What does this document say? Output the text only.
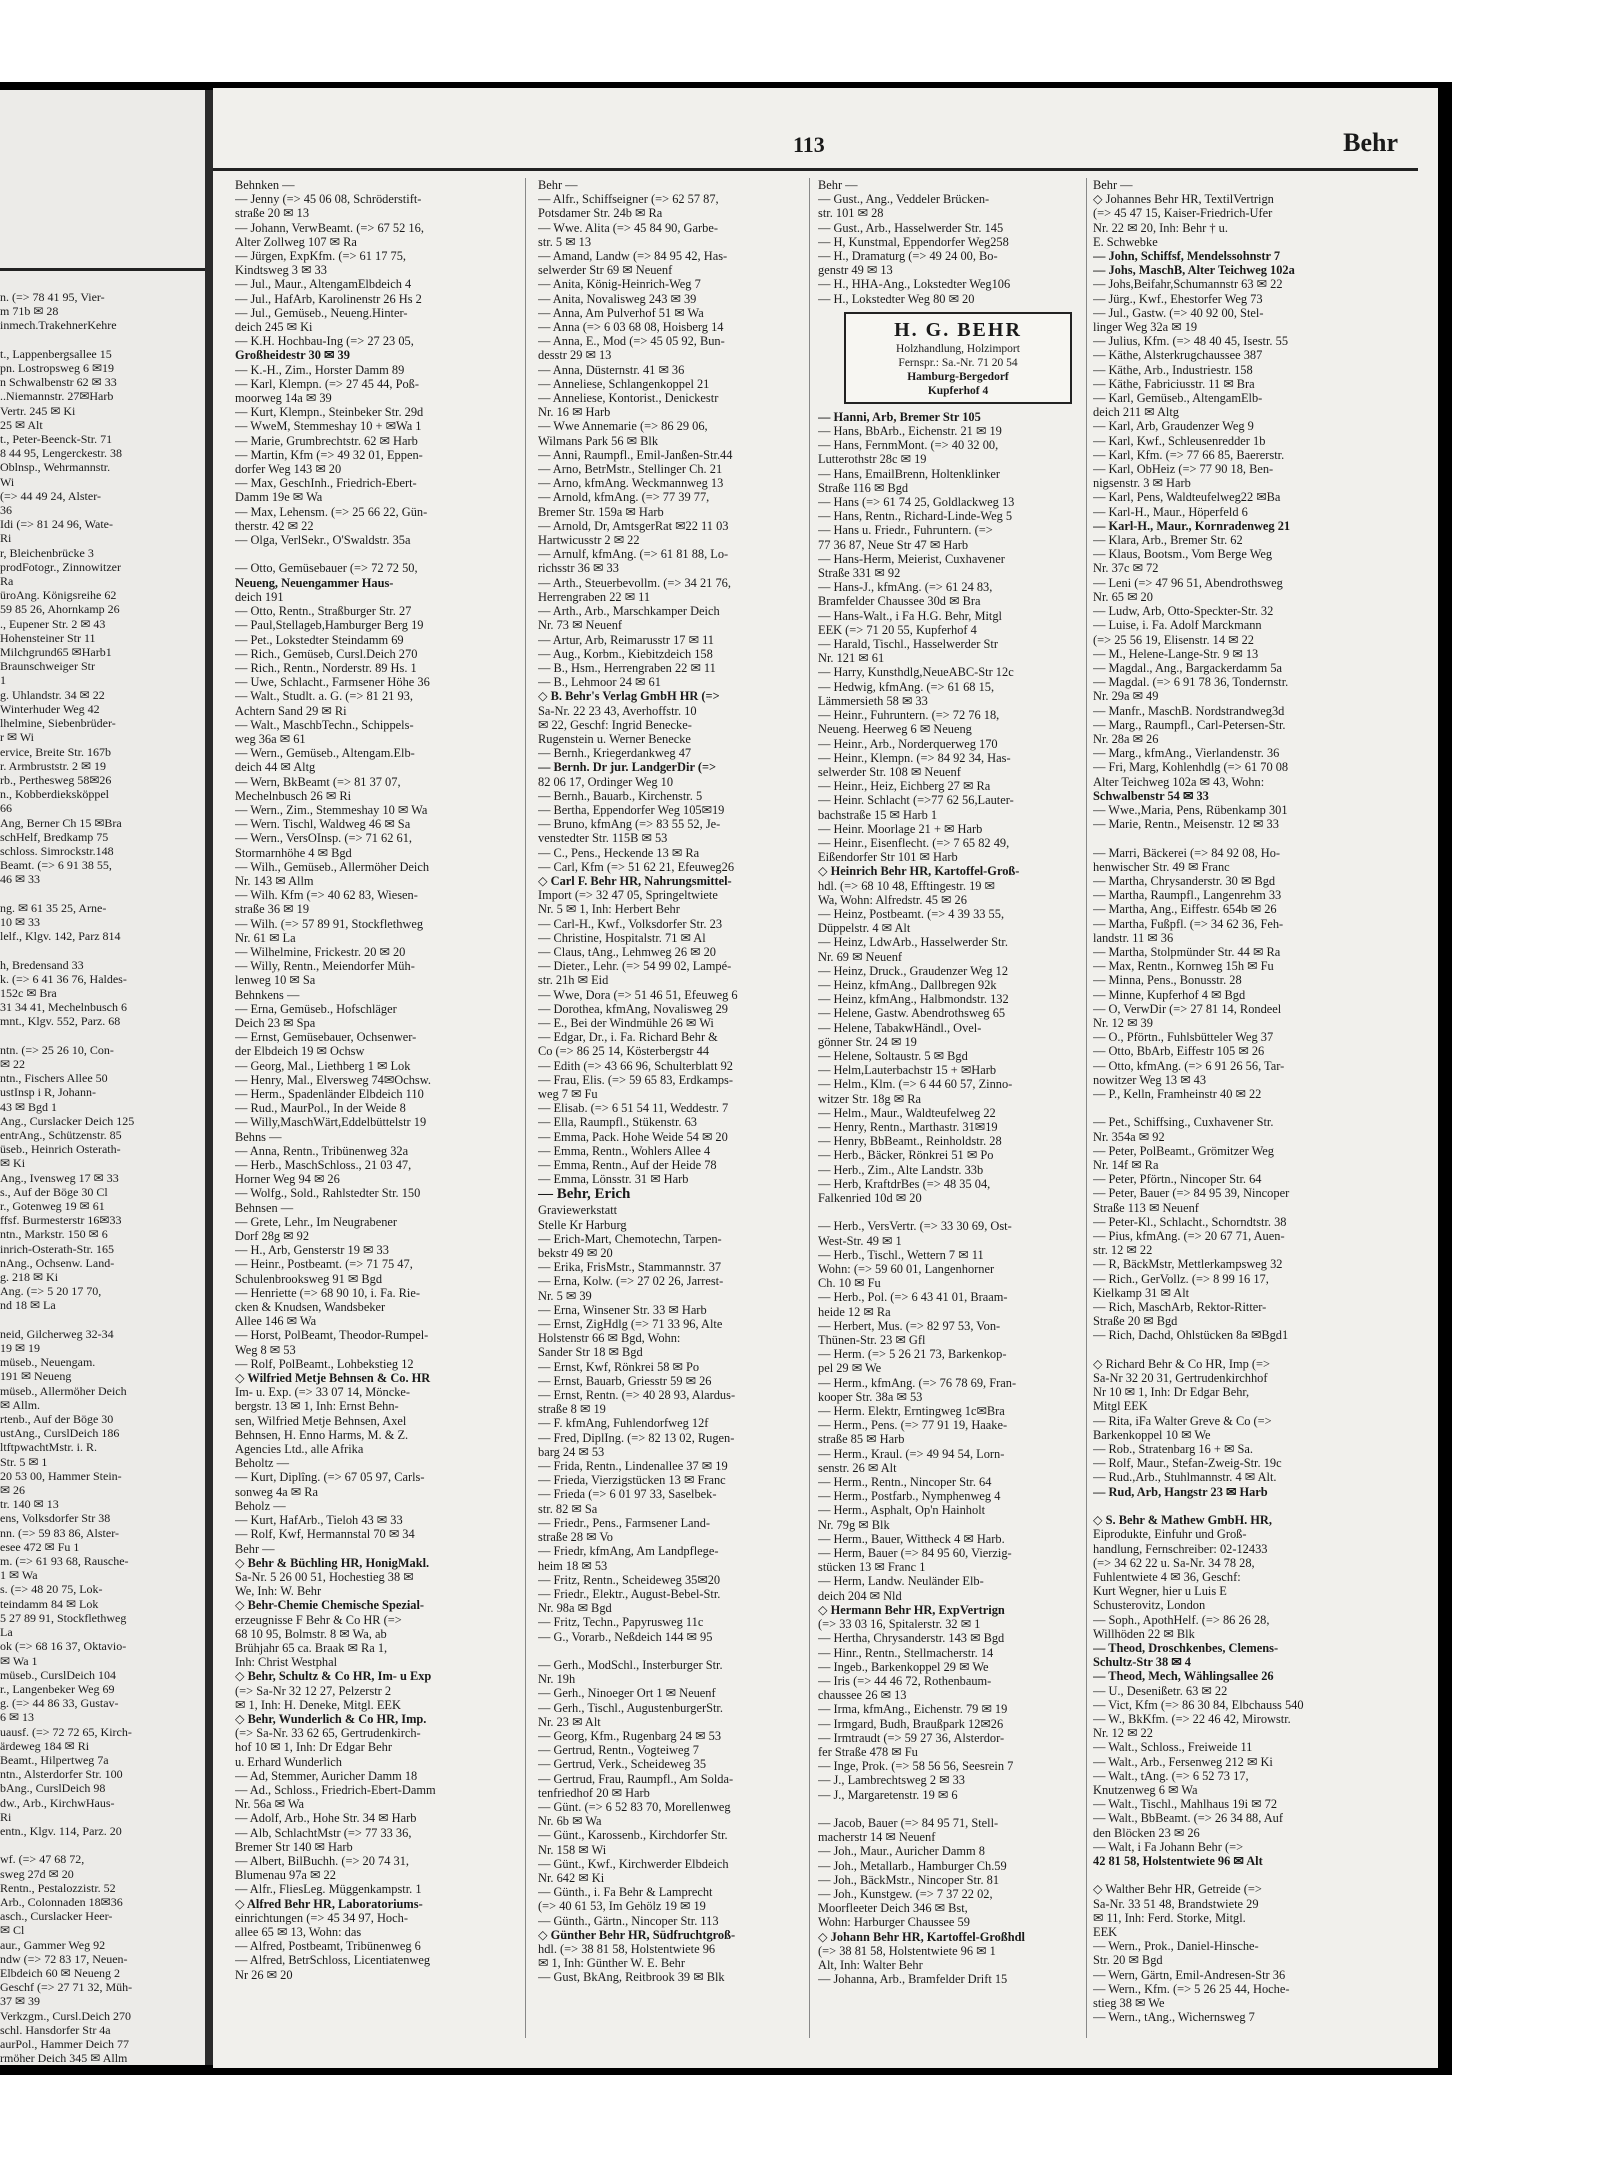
n. (=> 78 41 95, Vier-
m 71b ✉ 28
inmech.TrakehnerKehre

t., Lappenbergsallee 15
pn. Lostropsweg 6 ✉19
n Schwalbenstr 62 ✉ 33
..Niemannstr. 27✉Harb
Vertr. 245 ✉ Ki
25 ✉ Alt
t., Peter-Beenck-Str. 71
8 44 95, Lengerckestr. 38
Oblnsp., Wehrmannstr.
Wi
(=> 44 49 24, Alster-
36
Idi (=> 81 24 96, Wate-
Ri
r, Bleichenbrücke 3
prodFotogr., Zinnowitzer
Ra
üroAng. Königsreihe 62
59 85 26, Ahornkamp 26
., Eupener Str. 2 ✉ 43
Hohensteiner Str 11
Milchgrund65 ✉Harb1
Braunschweiger Str
1
g. Uhlandstr. 34 ✉ 22
Winterhuder Weg 42
lhelmine, Siebenbrüder-
r ✉ Wi
ervice, Breite Str. 167b
r. Armbruststr. 2 ✉ 19
rb., Perthesweg 58✉26
n., Kobberdieksköppel
66
Ang, Berner Ch 15 ✉Bra
schHelf, Bredkamp 75
schloss. Simrockstr.148
Beamt. (=> 6 91 38 55,
46 ✉ 33

ng. ✉ 61 35 25, Arne-
10 ✉ 33
lelf., Klgv. 142, Parz 814

h, Bredensand 33
k. (=> 6 41 36 76, Haldes-
152c ✉ Bra
31 34 41, Mechelnbusch 6
mnt., Klgv. 552, Parz. 68

ntn. (=> 25 26 10, Con-
✉ 22
ntn., Fischers Allee 50
ustInsp i R, Johann-
43 ✉ Bgd 1
Ang., Curslacker Deich 125
entrAng., Schützenstr. 85
üseb., Heinrich Osterath-
✉ Ki
Ang., Ivensweg 17 ✉ 33
s., Auf der Böge 30 Cl
r., Gotenweg 19 ✉ 61
ffsf. Burmesterstr 16✉33
ntn., Markstr. 150 ✉ 6
inrich-Osterath-Str. 165
nAng., Ochsenw. Land-
g. 218 ✉ Ki
Ang. (=> 5 20 17 70,
nd 18 ✉ La

neid, Gilcherweg 32-34
19 ✉ 19
müseb., Neuengam.
191 ✉ Neueng
müseb., Allermöher Deich
✉ Allm.
rtenb., Auf der Böge 30
ustAng., CurslDeich 186
ltftpwachtMstr. i. R.
Str. 5 ✉ 1
20 53 00, Hammer Stein-
✉ 26
tr. 140 ✉ 13
ens, Volksdorfer Str 38
nn. (=> 59 83 86, Alster-
esee 472 ✉ Fu 1
m. (=> 61 93 68, Rausche-
1 ✉ Wa
s. (=> 48 20 75, Lok-
teindamm 84 ✉ Lok
5 27 89 91, Stockflethweg
La
ok (=> 68 16 37, Oktavio-
✉ Wa 1
müseb., CurslDeich 104
r., Langenbeker Weg 69
g. (=> 44 86 33, Gustav-
6 ✉ 13
uausf. (=> 72 72 65, Kirch-
ärdeweg 184 ✉ Ri
Beamt., Hilpertweg 7a
ntn., Alsterdorfer Str. 100
bAng., CurslDeich 98
dw., Arb., KirchwHaus-
Ri
entn., Klgv. 114, Parz. 20

wf. (=> 47 68 72,
sweg 27d ✉ 20
Rentn., Pestalozzistr. 52
Arb., Colonnaden 18✉36
asch., Curslacker Heer-
✉ Cl
aur., Gammer Weg 92
ndw (=> 72 83 17, Neuen-
Elbdeich 60 ✉ Neueng 2
Geschf (=> 27 71 32, Müh-
37 ✉ 39
Verkzgm., Cursl.Deich 270
schl. Hansdorfer Str 4a
aurPol., Hammer Deich 77
rmöher Deich 345 ✉ Allm
113	Behr
Behnken —
— Jenny (=> 45 06 08, Schröderstift-
straße 20 ✉ 13
— Johann, VerwBeamt. (=> 67 52 16,
Alter Zollweg 107 ✉ Ra
— Jürgen, ExpKfm. (=> 61 17 75,
Kindtsweg 3 ✉ 33
— Jul., Maur., AltengamElbdeich 4
— Jul., HafArb, Karolinenstr 26 Hs 2
— Jul., Gemüseb., Neueng.Hinter-
deich 245 ✉ Ki
— K.H. Hochbau-Ing (=> 27 23 05,
Großheidestr 30 ✉ 39
— K.-H., Zim., Horster Damm 89
— Karl, Klempn. (=> 27 45 44, Poß-
moorweg 14a ✉ 39
— Kurt, Klempn., Steinbeker Str. 29d
— WweM, Stemmeshay 10 + ✉Wa 1
— Marie, Grumbrechtstr. 62 ✉ Harb
— Martin, Kfm (=> 49 32 01, Eppen-
dorfer Weg 143 ✉ 20
— Max, GeschInh., Friedrich-Ebert-
Damm 19e ✉ Wa
— Max, Lehensm. (=> 25 66 22, Gün-
therstr. 42 ✉ 22
— Olga, VerlSekr., O'Swaldstr. 35a

— Otto, Gemüsebauer (=> 72 72 50,
Neueng, Neuengammer Haus-
deich 191
— Otto, Rentn., Straßburger Str. 27
— Paul,Stellageb,Hamburger Berg 19
— Pet., Lokstedter Steindamm 69
— Rich., Gemüseb, Cursl.Deich 270
— Rich., Rentn., Norderstr. 89 Hs. 1
— Uwe, Schlacht., Farmsener Höhe 36
— Walt., Studlt. a. G. (=> 81 21 93,
Achtern Sand 29 ✉ Ri
— Walt., MaschbTechn., Schippels-
weg 36a ✉ 61
— Wern., Gemüseb., Altengam.Elb-
deich 44 ✉ Altg
— Wern, BkBeamt (=> 81 37 07,
Mechelnbusch 26 ✉ Ri
— Wern., Zim., Stemmeshay 10 ✉ Wa
— Wern. Tischl, Waldweg 46 ✉ Sa
— Wern., VersOInsp. (=> 71 62 61,
Stormarnhöhe 4 ✉ Bgd
— Wilh., Gemüseb., Allermöher Deich
Nr. 143 ✉ Allm
— Wilh. Kfm (=> 40 62 83, Wiesen-
straße 36 ✉ 19
— Wilh. (=> 57 89 91, Stockflethweg
Nr. 61 ✉ La
— Wilhelmine, Frickestr. 20 ✉ 20
— Willy, Rentn., Meiendorfer Müh-
lenweg 10 ✉ Sa
Behnkens —
— Erna, Gemüseb., Hofschläger
Deich 23 ✉ Spa
— Ernst, Gemüsebauer, Ochsenwer-
der Elbdeich 19 ✉ Ochsw
— Georg, Mal., Liethberg 1 ✉ Lok
— Henry, Mal., Elversweg 74✉Ochsw.
— Herm., Spadenländer Elbdeich 110
— Rud., MaurPol., In der Weide 8
— Willy,MaschWärt,Eddelbüttelstr 19
Behns —
— Anna, Rentn., Tribünenweg 32a
— Herb., MaschSchloss., 21 03 47,
Horner Weg 94 ✉ 26
— Wolfg., Sold., Rahlstedter Str. 150
Behnsen —
— Grete, Lehr., Im Neugrabener
Dorf 28g ✉ 92
— H., Arb, Gensterstr 19 ✉ 33
— Heinr., Postbeamt. (=> 71 75 47,
Schulenbrooksweg 91 ✉ Bgd
— Henriette (=> 68 90 10, i. Fa. Rie-
cken & Knudsen, Wandsbeker
Allee 146 ✉ Wa
— Horst, PolBeamt, Theodor-Rumpel-
Weg 8 ✉ 53
— Rolf, PolBeamt., Lohbekstieg 12
◇ Wilfried Metje Behnsen & Co. HR
Im- u. Exp. (=> 33 07 14, Möncke-
bergstr. 13 ✉ 1, Inh: Ernst Behn-
sen, Wilfried Metje Behnsen, Axel
Behnsen, H. Enno Harms, M. & Z.
Agencies Ltd., alle Afrika
Beholtz —
— Kurt, Diplîng. (=> 67 05 97, Carls-
sonweg 4a ✉ Ra
Beholz —
— Kurt, HafArb., Tieloh 43 ✉ 33
— Rolf, Kwf, Hermannstal 70 ✉ 34
Behr —
◇ Behr & Büchling HR, HonigMakl.
Sa-Nr. 5 26 00 51, Hochestieg 38 ✉
We, Inh: W. Behr
◇ Behr-Chemie Chemische Spezial-
erzeugnisse F Behr & Co HR (=>
68 10 95, Bolmstr. 8 ✉ Wa, ab
Brühjahr 65 ca. Braak ✉ Ra 1,
Inh: Christ Westphal
◇ Behr, Schultz & Co HR, Im- u Exp
(=> Sa-Nr 32 12 27, Pelzerstr 2
✉ 1, Inh: H. Deneke, Mitgl. EEK
◇ Behr, Wunderlich & Co HR, Imp.
(=> Sa-Nr. 33 62 65, Gertrudenkirch-
hof 10 ✉ 1, Inh: Dr Edgar Behr
u. Erhard Wunderlich
— Ad, Stemmer, Auricher Damm 18
— Ad., Schloss., Friedrich-Ebert-Damm
Nr. 56a ✉ Wa
— Adolf, Arb., Hohe Str. 34 ✉ Harb
— Alb, SchlachtMstr (=> 77 33 36,
Bremer Str 140 ✉ Harb
— Albert, BilBuchh. (=> 20 74 31,
Blumenau 97a ✉ 22
— Alfr., FliesLeg. Müggenkampstr. 1
◇ Alfred Behr HR, Laboratoriums-
einrichtungen (=> 45 34 97, Hoch-
allee 65 ✉ 13, Wohn: das
— Alfred, Postbeamt, Tribünenweg 6
— Alfred, BetrSchloss, Licentiatenweg
Nr 26 ✉ 20
Behr —
— Alfr., Schiffseigner (=> 62 57 87,
Potsdamer Str. 24b ✉ Ra
— Wwe. Alita (=> 45 84 90, Garbe-
str. 5 ✉ 13
— Amand, Landw (=> 84 95 42, Has-
selwerder Str 69 ✉ Neuenf
— Anita, König-Heinrich-Weg 7
— Anita, Novalisweg 243 ✉ 39
— Anna, Am Pulverhof 51 ✉ Wa
— Anna (=> 6 03 68 08, Hoisberg 14
— Anna, E., Mod (=> 45 05 92, Bun-
desstr 29 ✉ 13
— Anna, Düsternstr. 41 ✉ 36
— Anneliese, Schlangenkoppel 21
— Anneliese, Kontorist., Denickestr
Nr. 16 ✉ Harb
— Wwe Annemarie (=> 86 29 06,
Wilmans Park 56 ✉ Blk
— Anni, Raumpfl., Emil-Janßen-Str.44
— Arno, BetrMstr., Stellinger Ch. 21
— Arno, kfmAng. Weckmannweg 13
— Arnold, kfmAng. (=> 77 39 77,
Bremer Str. 159a ✉ Harb
— Arnold, Dr, AmtsgerRat ✉22 11 03
Hartwicusstr 2 ✉ 22
— Arnulf, kfmAng. (=> 61 81 88, Lo-
richsstr 36 ✉ 33
— Arth., Steuerbevollm. (=> 34 21 76,
Herrengraben 22 ✉ 11
— Arth., Arb., Marschkamper Deich
Nr. 73 ✉ Neuenf
— Artur, Arb, Reimarusstr 17 ✉ 11
— Aug., Korbm., Kiebitzdeich 158
— B., Hsm., Herrengraben 22 ✉ 11
— B., Lehmoor 24 ✉ 61
◇ B. Behr's Verlag GmbH HR (=>
Sa-Nr. 22 23 43, Averhoffstr. 10
✉ 22, Geschf: Ingrid Benecke-
Rugenstein u. Werner Benecke
— Bernh., Kriegerdankweg 47
— Bernh. Dr jur. LandgerDir (=>
82 06 17, Ordinger Weg 10
— Bernh., Bauarb., Kirchenstr. 5
— Bertha, Eppendorfer Weg 105✉19
— Bruno, kfmAng (=> 83 55 52, Je-
venstedter Str. 115B ✉ 53
— C., Pens., Heckende 13 ✉ Ra
— Carl, Kfm (=> 51 62 21, Efeuweg26
◇ Carl F. Behr HR, Nahrungsmittel-
Import (=> 32 47 05, Springeltwiete
Nr. 5 ✉ 1, Inh: Herbert Behr
— Carl-H., Kwf., Volksdorfer Str. 23
— Christine, Hospitalstr. 71 ✉ Al
— Claus, tAng., Lehmweg 26 ✉ 20
— Dieter., Lehr. (=> 54 99 02, Lampé-
str. 21h ✉ Eid
— Wwe, Dora (=> 51 46 51, Efeuweg 6
— Dorothea, kfmAng, Novalisweg 29
— E., Bei der Windmühle 26 ✉ Wi
— Edgar, Dr., i. Fa. Richard Behr &
Co (=> 86 25 14, Kösterbergstr 44
— Edith (=> 43 66 96, Schulterblatt 92
— Frau, Elis. (=> 59 65 83, Erdkamps-
weg 7 ✉ Fu
— Elisab. (=> 6 51 54 11, Weddestr. 7
— Ella, Raumpfl., Stükenstr. 63
— Emma, Pack. Hohe Weide 54 ✉ 20
— Emma, Rentn., Wohlers Allee 4
— Emma, Rentn., Auf der Heide 78
— Emma, Lönsstr. 31 ✉ Harb
— Behr, Erich
Graviewerkstatt
Stelle Kr Harburg
— Erich-Mart, Chemotechn, Tarpen-
bekstr 49 ✉ 20
— Erika, FrisMstr., Stammannstr. 37
— Erna, Kolw. (=> 27 02 26, Jarrest-
Nr. 5 ✉ 39
— Erna, Winsener Str. 33 ✉ Harb
— Ernst, ZigHdlg (=> 71 33 96, Alte
Holstenstr 66 ✉ Bgd, Wohn:
Sander Str 18 ✉ Bgd
— Ernst, Kwf, Rönkrei 58 ✉ Po
— Ernst, Bauarb, Griesstr 59 ✉ 26
— Ernst, Rentn. (=> 40 28 93, Alardus-
straße 8 ✉ 19
— F. kfmAng, Fuhlendorfweg 12f
— Fred, DiplIng. (=> 82 13 02, Rugen-
barg 24 ✉ 53
— Frida, Rentn., Lindenallee 37 ✉ 19
— Frieda, Vierzigstücken 13 ✉ Franc
— Frieda (=> 6 01 97 33, Saselbek-
str. 82 ✉ Sa
— Friedr., Pens., Farmsener Land-
straße 28 ✉ Vo
— Friedr, kfmAng, Am Landpflege-
heim 18 ✉ 53
— Fritz, Rentn., Scheideweg 35✉20
— Friedr., Elektr., August-Bebel-Str.
Nr. 98a ✉ Bgd
— Fritz, Techn., Papyrusweg 11c
— G., Vorarb., Neßdeich 144 ✉ 95

— Gerh., ModSchl., Insterburger Str.
Nr. 19h
— Gerh., Ninoeger Ort 1 ✉ Neuenf
— Gerh., Tischl., AugustenburgerStr.
Nr. 23 ✉ Alt
— Georg, Kfm., Rugenbarg 24 ✉ 53
— Gertrud, Rentn., Vogteiweg 7
— Gertrud, Verk., Scheideweg 35
— Gertrud, Frau, Raumpfl., Am Solda-
tenfriedhof 20 ✉ Harb
— Günt. (=> 6 52 83 70, Morellenweg
Nr. 6b ✉ Wa
— Günt., Karossenb., Kirchdorfer Str.
Nr. 158 ✉ Wi
— Günt., Kwf., Kirchwerder Elbdeich
Nr. 642 ✉ Ki
— Günth., i. Fa Behr & Lamprecht
(=> 40 61 53, Im Gehölz 19 ✉ 19
— Günth., Gärtn., Nincoper Str. 113
◇ Günther Behr HR, Südfruchtgroß-
hdl. (=> 38 81 58, Holstentwiete 96
✉ 1, Inh: Günther W. E. Behr
— Gust, BkAng, Reitbrook 39 ✉ Blk
Behr —
— Gust., Ang., Veddeler Brücken-
str. 101 ✉ 28
— Gust., Arb., Hasselwerder Str. 145
— H, Kunstmal, Eppendorfer Weg258
— H., Dramaturg (=> 49 24 00, Bo-
genstr 49 ✉ 13
— H., HHA-Ang., Lokstedter Weg106
— H., Lokstedter Weg 80 ✉ 20
H. G. BEHR
Holzhandlung, Holzimport
Fernspr.: Sa.-Nr. 71 20 54
Hamburg-Bergedorf
Kupferhof 4
— Hanni, Arb, Bremer Str 105
— Hans, BbArb., Eichenstr. 21 ✉ 19
— Hans, FernmMont. (=> 40 32 00,
Lutterothstr 28c ✉ 19
— Hans, EmailBrenn, Holtenklinker
Straße 116 ✉ Bgd
— Hans (=> 61 74 25, Goldlackweg 13
— Hans, Rentn., Richard-Linde-Weg 5
— Hans u. Friedr., Fuhruntern. (=>
77 36 87, Neue Str 47 ✉ Harb
— Hans-Herm, Meierist, Cuxhavener
Straße 331 ✉ 92
— Hans-J., kfmAng. (=> 61 24 83,
Bramfelder Chaussee 30d ✉ Bra
— Hans-Walt., i Fa H.G. Behr, Mitgl
EEK (=> 71 20 55, Kupferhof 4
— Harald, Tischl., Hasselwerder Str
Nr. 121 ✉ 61
— Harry, Kunsthdlg,NeueABC-Str 12c
— Hedwig, kfmAng. (=> 61 68 15,
Lämmersieth 58 ✉ 33
— Heinr., Fuhruntern. (=> 72 76 18,
Neueng. Heerweg 6 ✉ Neueng
— Heinr., Arb., Norderquerweg 170
— Heinr., Klempn. (=> 84 92 34, Has-
selwerder Str. 108 ✉ Neuenf
— Heinr., Heiz, Eichberg 27 ✉ Ra
— Heinr. Schlacht (=>77 62 56,Lauter-
bachstraße 15 ✉ Harb 1
— Heinr. Moorlage 21 + ✉ Harb
— Heinr., Eisenflecht. (=> 7 65 82 49,
Eißendorfer Str 101 ✉ Harb
◇ Heinrich Behr HR, Kartoffel-Groß-
hdl. (=> 68 10 48, Efftingestr. 19 ✉
Wa, Wohn: Alfredstr. 45 ✉ 26
— Heinz, Postbeamt. (=> 4 39 33 55,
Düppelstr. 4 ✉ Alt
— Heinz, LdwArb., Hasselwerder Str.
Nr. 69 ✉ Neuenf
— Heinz, Druck., Graudenzer Weg 12
— Heinz, kfmAng., Dallbregen 92k
— Heinz, kfmAng., Halbmondstr. 132
— Helene, Gastw. Abendrothsweg 65
— Helene, TabakwHändl., Ovel-
gönner Str. 24 ✉ 19
— Helene, Soltaustr. 5 ✉ Bgd
— Helm,Lauterbachstr 15 + ✉Harb
— Helm., Klm. (=> 6 44 60 57, Zinno-
witzer Str. 18g ✉ Ra
— Helm., Maur., Waldteufelweg 22
— Henry, Rentn., Marthastr. 31✉19
— Henry, BbBeamt., Reinholdstr. 28
— Herb., Bäcker, Rönkrei 51 ✉ Po
— Herb., Zim., Alte Landstr. 33b
— Herb, KraftdrBes (=> 48 35 04,
Falkenried 10d ✉ 20

— Herb., VersVertr. (=> 33 30 69, Ost-
West-Str. 49 ✉ 1
— Herb., Tischl., Wettern 7 ✉ 11
Wohn: (=> 59 60 01, Langenhorner
Ch. 10 ✉ Fu
— Herb., Pol. (=> 6 43 41 01, Braam-
heide 12 ✉ Ra
— Herbert, Mus. (=> 82 97 53, Von-
Thünen-Str. 23 ✉ Gfl
— Herm. (=> 5 26 21 73, Barkenkop-
pel 29 ✉ We
— Herm., kfmAng. (=> 76 78 69, Fran-
kooper Str. 38a ✉ 53
— Herm. Elektr, Erntingweg 1c✉Bra
— Herm., Pens. (=> 77 91 19, Haake-
straße 85 ✉ Harb
— Herm., Kraul. (=> 49 94 54, Lorn-
senstr. 26 ✉ Alt
— Herm., Rentn., Nincoper Str. 64
— Herm., Postfarb., Nymphenweg 4
— Herm., Asphalt, Op'n Hainholt
Nr. 79g ✉ Blk
— Herm., Bauer, Wittheck 4 ✉ Harb.
— Herm, Bauer (=> 84 95 60, Vierzig-
stücken 13 ✉ Franc 1
— Herm, Landw. Neuländer Elb-
deich 204 ✉ Nld
◇ Hermann Behr HR, ExpVertrign
(=> 33 03 16, Spitalerstr. 32 ✉ 1
— Hertha, Chrysanderstr. 143 ✉ Bgd
— Hinr., Rentn., Stellmacherstr. 14
— Ingeb., Barkenkoppel 29 ✉ We
— Iris (=> 44 46 72, Rothenbaum-
chaussee 26 ✉ 13
— Irma, kfmAng., Eichenstr. 79 ✉ 19
— Irmgard, Budh, Braußpark 12✉26
— Irmtraudt (=> 59 27 36, Alsterdor-
fer Straße 478 ✉ Fu
— Inge, Prok. (=> 58 56 56, Seesrein 7
— J., Lambrechtsweg 2 ✉ 33
— J., Margaretenstr. 19 ✉ 6

— Jacob, Bauer (=> 84 95 71, Stell-
macherstr 14 ✉ Neuenf
— Joh., Maur., Auricher Damm 8
— Joh., Metallarb., Hamburger Ch.59
— Joh., BäckMstr., Nincoper Str. 81
— Joh., Kunstgew. (=> 7 37 22 02,
Moorfleeter Deich 346 ✉ Bst,
Wohn: Harburger Chaussee 59
◇ Johann Behr HR, Kartoffel-Großhdl
(=> 38 81 58, Holstentwiete 96 ✉ 1
Alt, Inh: Walter Behr
— Johanna, Arb., Bramfelder Drift 15
Behr —
◇ Johannes Behr HR, TextilVertrign
(=> 45 47 15, Kaiser-Friedrich-Ufer
Nr. 22 ✉ 20, Inh: Behr † u.
E. Schwebke
— John, Schiffsf, Mendelssohnstr 7
— Johs, MaschB, Alter Teichweg 102a
— Johs,Beifahr,Schumannstr 63 ✉ 22
— Jürg., Kwf., Ehestorfer Weg 73
— Jul., Gastw. (=> 40 92 00, Stel-
linger Weg 32a ✉ 19
— Julius, Kfm. (=> 48 40 45, Isestr. 55
— Käthe, Alsterkrugchaussee 387
— Käthe, Arb., Industriestr. 158
— Käthe, Fabriciusstr. 11 ✉ Bra
— Karl, Gemüseb., AltengamElb-
deich 211 ✉ Altg
— Karl, Arb, Graudenzer Weg 9
— Karl, Kwf., Schleusenredder 1b
— Karl, Kfm. (=> 77 66 85, Baererstr.
— Karl, ObHeiz (=> 77 90 18, Ben-
nigsenstr. 3 ✉ Harb
— Karl, Pens, Waldteufelweg22 ✉Ba
— Karl-H., Maur., Höperfeld 6
— Karl-H., Maur., Kornradenweg 21
— Klara, Arb., Bremer Str. 62
— Klaus, Bootsm., Vom Berge Weg
Nr. 37c ✉ 72
— Leni (=> 47 96 51, Abendrothsweg
Nr. 65 ✉ 20
— Ludw, Arb, Otto-Speckter-Str. 32
— Luise, i. Fa. Adolf Marckmann
(=> 25 56 19, Elisenstr. 14 ✉ 22
— M., Helene-Lange-Str. 9 ✉ 13
— Magdal., Ang., Bargackerdamm 5a
— Magdal. (=> 6 91 78 36, Tondernstr.
Nr. 29a ✉ 49
— Manfr., MaschB. Nordstrandweg3d
— Marg., Raumpfl., Carl-Petersen-Str.
Nr. 28a ✉ 26
— Marg., kfmAng., Vierlandenstr. 36
— Fri, Marg, Kohlenhdlg (=> 61 70 08
Alter Teichweg 102a ✉ 43, Wohn:
Schwalbenstr 54 ✉ 33
— Wwe.,Maria, Pens, Rübenkamp 301
— Marie, Rentn., Meisenstr. 12 ✉ 33

— Marri, Bäckerei (=> 84 92 08, Ho-
henwischer Str. 49 ✉ Franc
— Martha, Chrysanderstr. 30 ✉ Bgd
— Martha, Raumpfl., Langenrehm 33
— Martha, Ang., Eiffestr. 654b ✉ 26
— Martha, Fußpfl. (=> 34 62 36, Feh-
landstr. 11 ✉ 36
— Martha, Stolpmünder Str. 44 ✉ Ra
— Max, Rentn., Kornweg 15h ✉ Fu
— Minna, Pens., Bonusstr. 28
— Minne, Kupferhof 4 ✉ Bgd
— O, VerwDir (=> 27 81 14, Rondeel
Nr. 12 ✉ 39
— O., Pförtn., Fuhlsbütteler Weg 37
— Otto, BbArb, Eiffestr 105 ✉ 26
— Otto, kfmAng. (=> 6 91 26 56, Tar-
nowitzer Weg 13 ✉ 43
— P., Kelln, Framheinstr 40 ✉ 22

— Pet., Schiffsing., Cuxhavener Str.
Nr. 354a ✉ 92
— Peter, PolBeamt., Grömitzer Weg
Nr. 14f ✉ Ra
— Peter, Pförtn., Nincoper Str. 64
— Peter, Bauer (=> 84 95 39, Nincoper
Straße 113 ✉ Neuenf
— Peter-Kl., Schlacht., Schorndtstr. 38
— Pius, kfmAng. (=> 20 67 71, Auen-
str. 12 ✉ 22
— R, BäckMstr, Mettlerkampsweg 32
— Rich., GerVollz. (=> 8 99 16 17,
Kielkamp 31 ✉ Alt
— Rich, MaschArb, Rektor-Ritter-
Straße 20 ✉ Bgd
— Rich, Dachd, Ohlstücken 8a ✉Bgd1

◇ Richard Behr & Co HR, Imp (=>
Sa-Nr 32 20 31, Gertrudenkirchhof
Nr 10 ✉ 1, Inh: Dr Edgar Behr,
Mitgl EEK
— Rita, iFa Walter Greve & Co (=>
Barkenkoppel 10 ✉ We
— Rob., Stratenbarg 16 + ✉ Sa.
— Rolf, Maur., Stefan-Zweig-Str. 19c
— Rud.,Arb., Stuhlmannstr. 4 ✉ Alt.
— Rud, Arb, Hangstr 23 ✉ Harb

◇ S. Behr & Mathew GmbH. HR,
Eiprodukte, Einfuhr und Groß-
handlung, Fernschreiber: 02-12433
(=> 34 62 22 u. Sa-Nr. 34 78 28,
Fuhlentwiete 4 ✉ 36, Geschf:
Kurt Wegner, hier u Luis E
Schusterovitz, London
— Soph., ApothHelf. (=> 86 26 28,
Willhöden 22 ✉ Blk
— Theod, Droschkenbes, Clemens-
Schultz-Str 38 ✉ 4
— Theod, Mech, Wählingsallee 26
— U., Desenißetr. 63 ✉ 22
— Vict, Kfm (=> 86 30 84, Elbchauss 540
— W., BkKfm. (=> 22 46 42, Mirowstr.
Nr. 12 ✉ 22
— Walt., Schloss., Freiweide 11
— Walt., Arb., Fersenweg 212 ✉ Ki
— Walt., tAng. (=> 6 52 73 17,
Knutzenweg 6 ✉ Wa
— Walt., Tischl., Mahlhaus 19i ✉ 72
— Walt., BbBeamt. (=> 26 34 88, Auf
den Blöcken 23 ✉ 26
— Walt, i Fa Johann Behr (=>
42 81 58, Holstentwiete 96 ✉ Alt

◇ Walther Behr HR, Getreide (=>
Sa-Nr. 33 51 48, Brandstwiete 29
✉ 11, Inh: Ferd. Storke, Mitgl.
EEK
— Wern., Prok., Daniel-Hinsche-
Str. 20 ✉ Bgd
— Wern, Gärtn, Emil-Andresen-Str 36
— Wern., Kfm. (=> 5 26 25 44, Hoche-
stieg 38 ✉ We
— Wern., tAng., Wichernsweg 7
